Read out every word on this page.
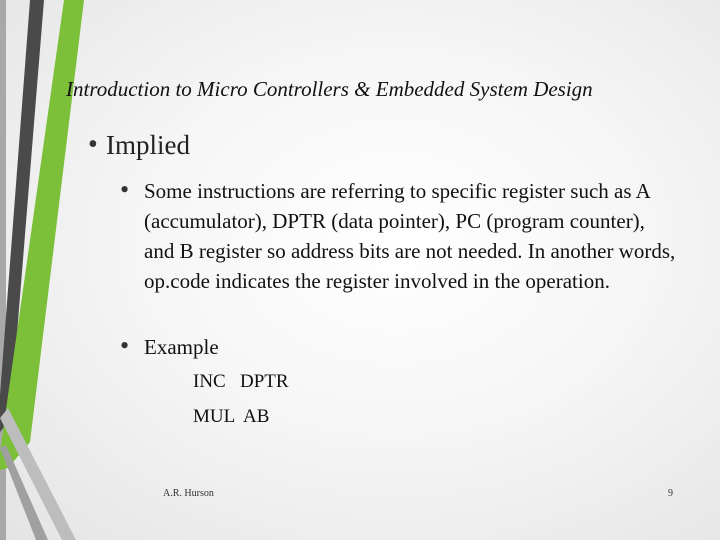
Introduction to Micro Controllers & Embedded System Design
• Implied
• Some instructions are referring to specific register such as A (accumulator), DPTR (data pointer), PC (program counter), and B register so address bits are not needed. In another words, op.code indicates the register involved in the operation.
• Example
INC   DPTR
MUL  AB
A.R. Hurson	9
